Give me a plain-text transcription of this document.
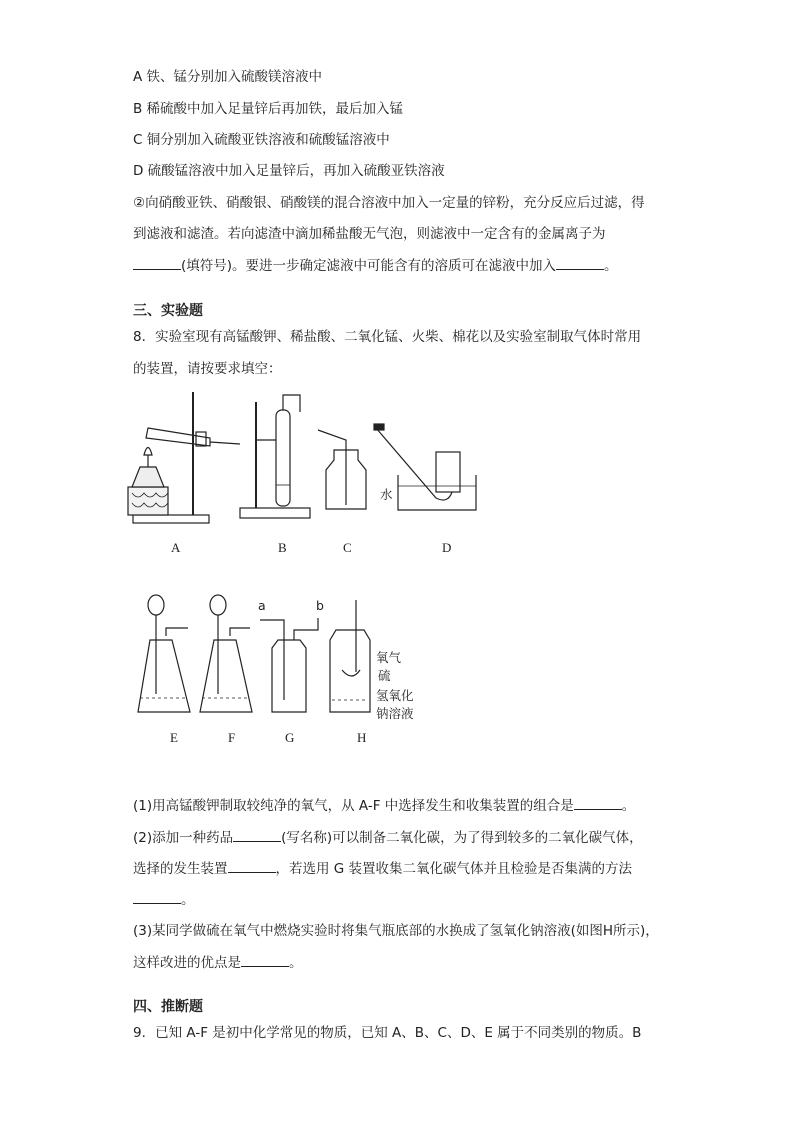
A 铁、锰分别加入硫酸镁溶液中
B 稀硫酸中加入足量锌后再加铁，最后加入锰
C 铜分别加入硫酸亚铁溶液和硫酸锰溶液中
D 硫酸锰溶液中加入足量锌后，再加入硫酸亚铁溶液
②向硝酸亚铁、硝酸银、硝酸镁的混合溶液中加入一定量的锌粉，充分反应后过滤，得
到滤液和滤渣。若向滤渣中滴加稀盐酸无气泡，则滤液中一定含有的金属离子为
(填符号)。要进一步确定滤液中可能含有的溶质可在滤液中加入	。
三、实验题
8．实验室现有高锰酸钾、稀盐酸、二氧化锰、火柴、棉花以及实验室制取气体时常用
的装置，请按要求填空：
A	B	C	D
水
E	F	G	H
a	b
氧气
硫
氢氧化
钠溶液
(1)用高锰酸钾制取较纯净的氧气，从 A-F 中选择发生和收集装置的组合是	。
(2)添加一种药品	(写名称)可以制备二氧化碳，为了得到较多的二氧化碳气体，
选择的发生装置	，若选用 G 装置收集二氧化碳气体并且检验是否集满的方法
。
(3)某同学做硫在氧气中燃烧实验时将集气瓶底部的水换成了氢氧化钠溶液(如图H所示)，
这样改进的优点是	。
四、推断题
9．已知 A-F 是初中化学常见的物质，已知 A、B、C、D、E 属于不同类别的物质。B
